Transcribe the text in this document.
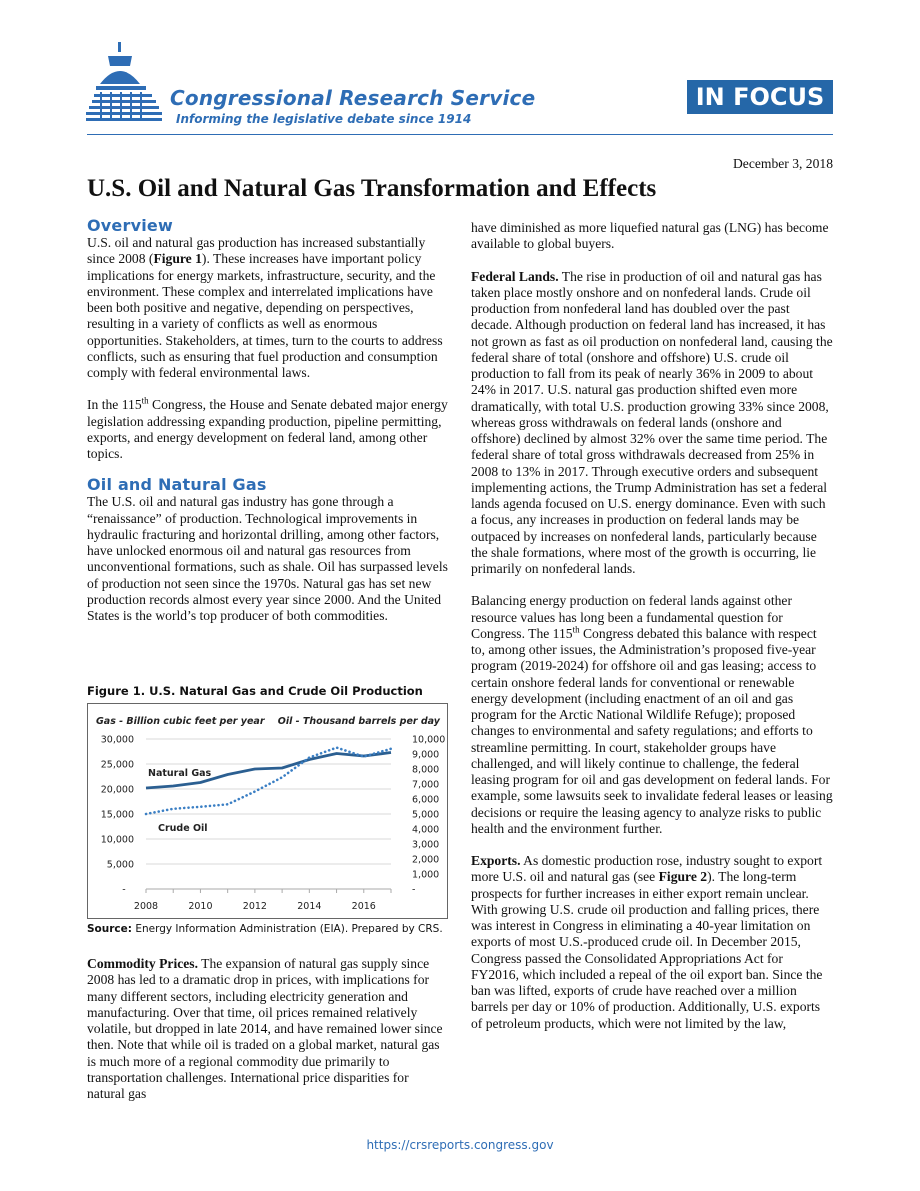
Congressional Research Service
Informing the legislative debate since 1914
IN FOCUS
December 3, 2018
U.S. Oil and Natural Gas Transformation and Effects
Overview

U.S. oil and natural gas production has increased substantially since 2008 (Figure 1). These increases have important policy implications for energy markets, infrastructure, security, and the environment. These complex and interrelated implications have been both positive and negative, depending on perspectives, resulting in a variety of conflicts as well as enormous opportunities. Stakeholders, at times, turn to the courts to address conflicts, such as ensuring that fuel production and consumption comply with federal environmental laws.

In the 115th Congress, the House and Senate debated major energy legislation addressing expanding production, pipeline permitting, exports, and energy development on federal land, among other topics.

Oil and Natural Gas

The U.S. oil and natural gas industry has gone through a “renaissance” of production. Technological improvements in hydraulic fracturing and horizontal drilling, among other factors, have unlocked enormous oil and natural gas resources from unconventional formations, such as shale. Oil has surpassed levels of production not seen since the 1970s. Natural gas has set new production records almost every year since 2000. And the United States is the world’s top producer of both commodities.

Figure 1. U.S. Natural Gas and Crude Oil Production
Gas - Billion cubic feet per year Oil - Thousand barrels per day
30,000
25,000
20,000
15,000
10,000
5,000
-
10,000
9,000
8,000
7,000
6,000
5,000
4,000
3,000
2,000
1,000
-
2008	2010	2012	2014	2016
Natural Gas
Crude Oil
Source: Energy Information Administration (EIA). Prepared by CRS.

Commodity Prices. The expansion of natural gas supply since 2008 has led to a dramatic drop in prices, with implications for many different sectors, including electricity generation and manufacturing. Over that time, oil prices remained relatively volatile, but dropped in late 2014, and have remained lower since then. Note that while oil is traded on a global market, natural gas is much more of a regional commodity due primarily to transportation challenges. International price disparities for natural gas

have diminished as more liquefied natural gas (LNG) has become available to global buyers.

Federal Lands. The rise in production of oil and natural gas has taken place mostly onshore and on nonfederal lands. Crude oil production from nonfederal land has doubled over the past decade. Although production on federal land has increased, it has not grown as fast as oil production on nonfederal land, causing the federal share of total (onshore and offshore) U.S. crude oil production to fall from its peak of nearly 36% in 2009 to about 24% in 2017. U.S. natural gas production shifted even more dramatically, with total U.S. production growing 33% since 2008, whereas gross withdrawals on federal lands (onshore and offshore) declined by almost 32% over the same time period. The federal share of total gross withdrawals decreased from 25% in 2008 to 13% in 2017. Through executive orders and subsequent implementing actions, the Trump Administration has set a federal lands agenda focused on U.S. energy dominance. Even with such a focus, any increases in production on federal lands may be outpaced by increases on nonfederal lands, particularly because the shale formations, where most of the growth is occurring, lie primarily on nonfederal lands.

Balancing energy production on federal lands against other resource values has long been a fundamental question for Congress. The 115th Congress debated this balance with respect to, among other issues, the Administration’s proposed five-year program (2019-2024) for offshore oil and gas leasing; access to certain onshore federal lands for conventional or renewable energy development (including enactment of an oil and gas program for the Arctic National Wildlife Refuge); proposed changes to environmental and safety regulations; and efforts to streamline permitting. In court, stakeholder groups have challenged, and will likely continue to challenge, the federal leasing program for oil and gas development on federal lands. For example, some lawsuits seek to invalidate federal leases or leasing decisions or require the leasing agency to analyze risks to public health and the environment further.

Exports. As domestic production rose, industry sought to export more U.S. oil and natural gas (see Figure 2). The long-term prospects for further increases in either export remain unclear. With growing U.S. crude oil production and falling prices, there was interest in Congress in eliminating a 40-year limitation on exports of most U.S.-produced crude oil. In December 2015, Congress passed the Consolidated Appropriations Act for FY2016, which included a repeal of the oil export ban. Since the ban was lifted, exports of crude have reached over a million barrels per day or 10% of production. Additionally, U.S. exports of petroleum products, which were not limited by the law,

https://crsreports.congress.gov
